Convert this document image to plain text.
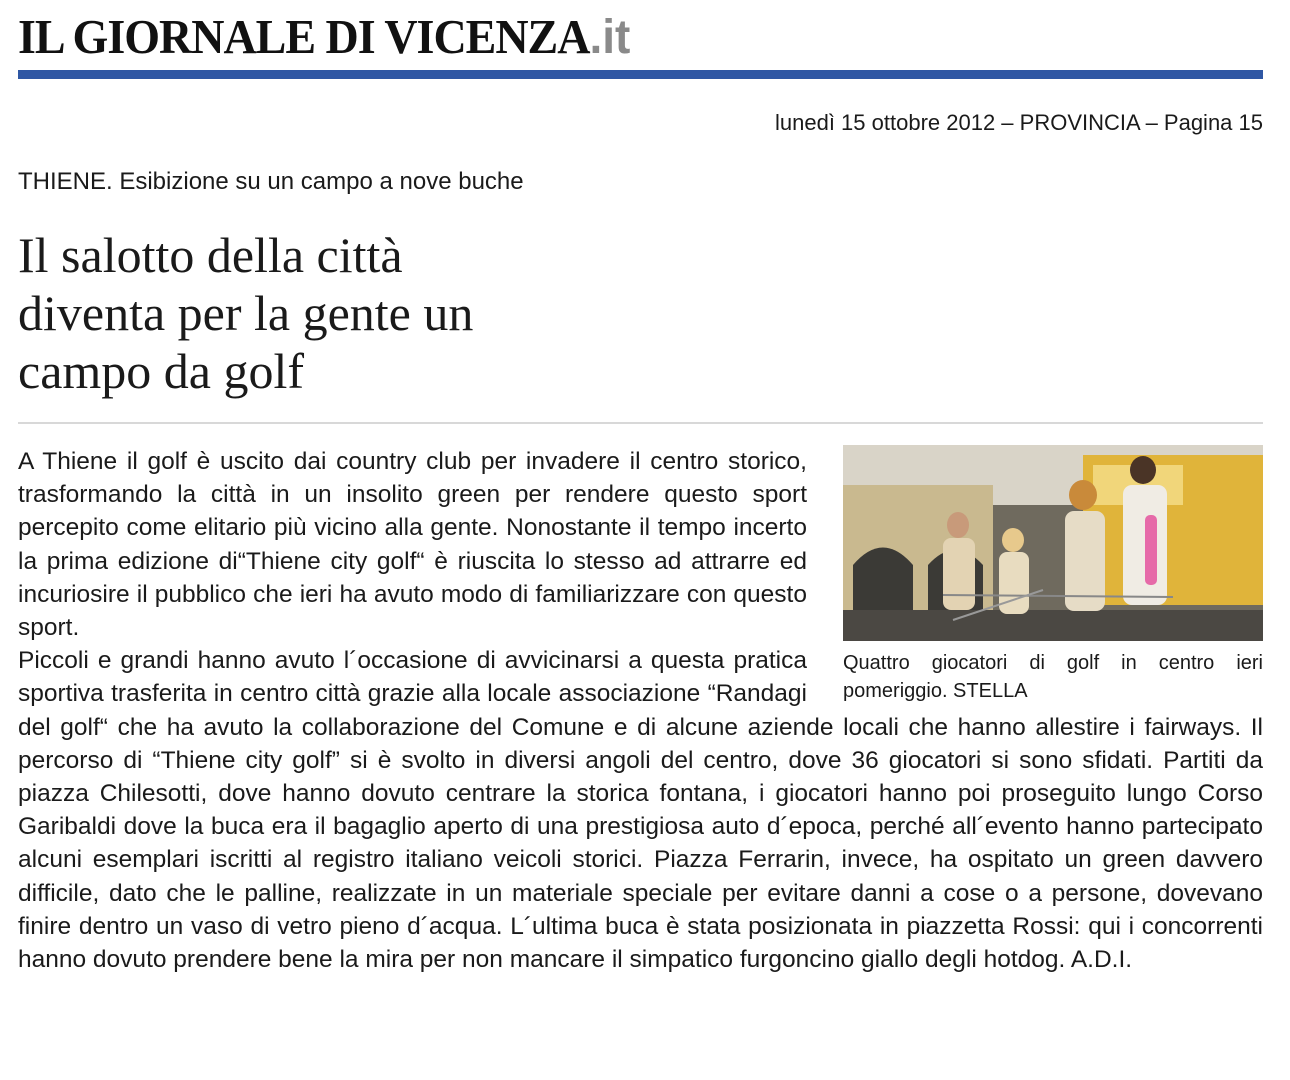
IL GIORNALE DI VICENZA.it
lunedì 15 ottobre 2012 – PROVINCIA – Pagina 15
THIENE. Esibizione su un campo a nove buche
Il salotto della città diventa per la gente un campo da golf
Quattro giocatori di golf in centro ieri pomeriggio. STELLA

A Thiene il golf è uscito dai country club per invadere il centro storico, trasformando la città in un insolito green per rendere questo sport percepito come elitario più vicino alla gente. Nonostante il tempo incerto la prima edizione di“Thiene city golf“ è riuscita lo stesso ad attrarre ed incuriosire il pubblico che ieri ha avuto modo di familiarizzare con questo sport.

Piccoli e grandi hanno avuto l´occasione di avvicinarsi a questa pratica sportiva trasferita in centro città grazie alla locale associazione “Randagi del golf“ che ha avuto la collaborazione del Comune e di alcune aziende locali che hanno allestire i fairways. Il percorso di “Thiene city golf” si è svolto in diversi angoli del centro, dove 36 giocatori si sono sfidati. Partiti da piazza Chilesotti, dove hanno dovuto centrare la storica fontana, i giocatori hanno poi proseguito lungo Corso Garibaldi dove la buca era il bagaglio aperto di una prestigiosa auto d´epoca, perché all´evento hanno partecipato alcuni esemplari iscritti al registro italiano veicoli storici. Piazza Ferrarin, invece, ha ospitato un green davvero difficile, dato che le palline, realizzate in un materiale speciale per evitare danni a cose o a persone, dovevano finire dentro un vaso di vetro pieno d´acqua. L´ultima buca è stata posizionata in piazzetta Rossi: qui i concorrenti hanno dovuto prendere bene la mira per non mancare il simpatico furgoncino giallo degli hotdog. A.D.I.
